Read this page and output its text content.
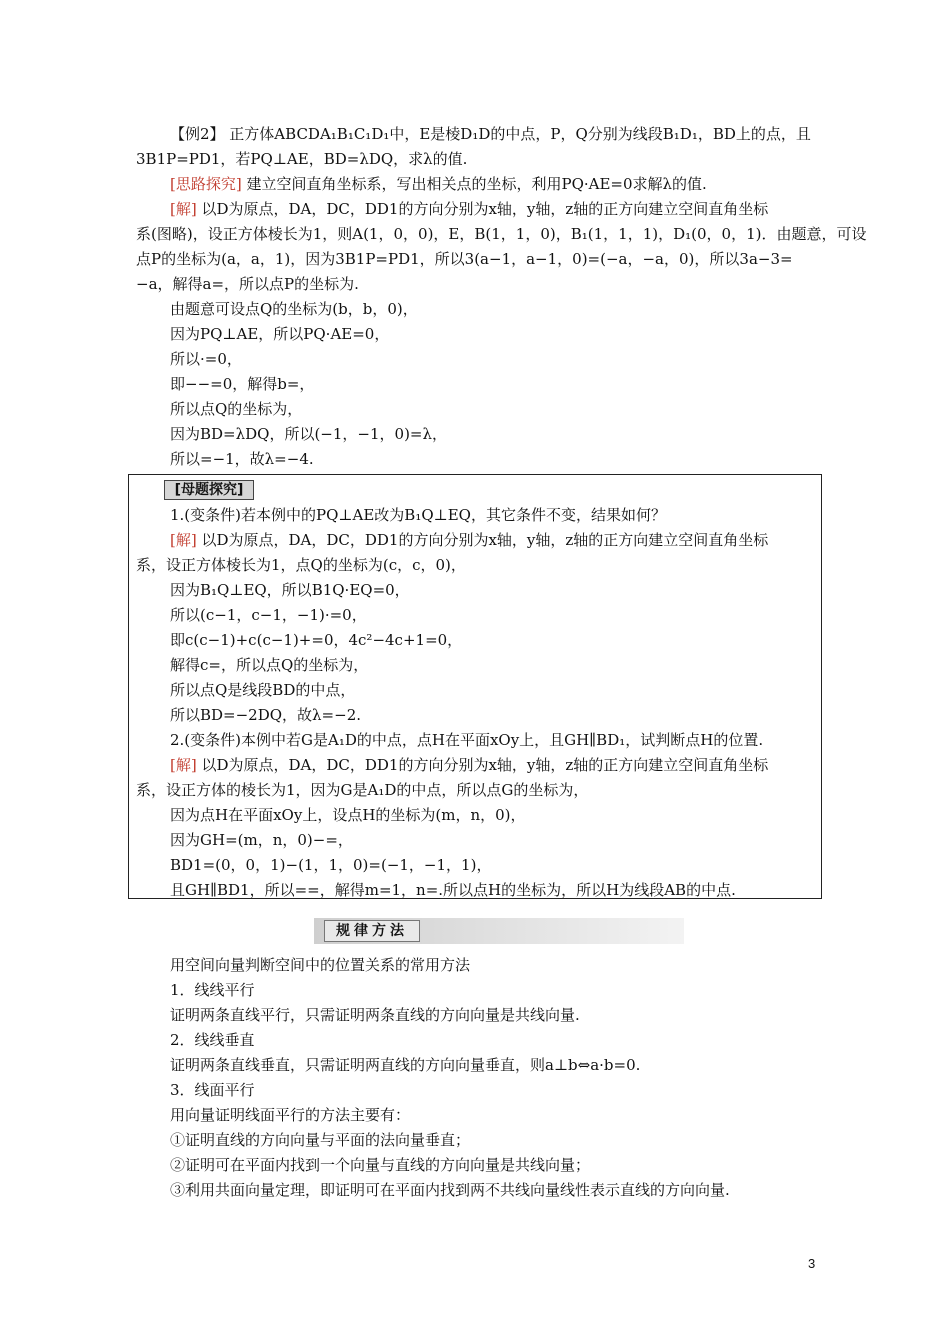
【例2】 正方体ABCDA₁B₁C₁D₁中，E是棱D₁D的中点，P，Q分别为线段B₁D₁，BD上的点，且
3B1P=PD1，若PQ⊥AE，BD=λDQ，求λ的值.
[思路探究] 建立空间直角坐标系，写出相关点的坐标，利用PQ·AE=0求解λ的值.
[解] 以D为原点，DA，DC，DD1的方向分别为x轴，y轴，z轴的正方向建立空间直角坐标
系(图略)，设正方体棱长为1，则A(1，0，0)，E，B(1，1，0)，B₁(1，1，1)，D₁(0，0，1)．由题意，可设
点P的坐标为(a，a，1)，因为3B1P=PD1，所以3(a−1，a−1，0)=(−a，−a，0)，所以3a−3=
−a，解得a=，所以点P的坐标为.
由题意可设点Q的坐标为(b，b，0)，
因为PQ⊥AE，所以PQ·AE=0，
所以·=0，
即−−=0，解得b=，
所以点Q的坐标为，
因为BD=λDQ，所以(−1，−1，0)=λ，
所以=−1，故λ=−4.
[母题探究]
1.(变条件)若本例中的PQ⊥AE改为B₁Q⊥EQ，其它条件不变，结果如何？
[解] 以D为原点，DA，DC，DD1的方向分别为x轴，y轴，z轴的正方向建立空间直角坐标
系，设正方体棱长为1，点Q的坐标为(c，c，0)，
因为B₁Q⊥EQ，所以B1Q·EQ=0，
所以(c−1，c−1，−1)·=0，
即c(c−1)+c(c−1)+=0，4c²−4c+1=0，
解得c=，所以点Q的坐标为，
所以点Q是线段BD的中点，
所以BD=−2DQ，故λ=−2.
2.(变条件)本例中若G是A₁D的中点，点H在平面xOy上，且GH∥BD₁，试判断点H的位置.
[解] 以D为原点，DA，DC，DD1的方向分别为x轴，y轴，z轴的正方向建立空间直角坐标
系，设正方体的棱长为1，因为G是A₁D的中点，所以点G的坐标为，
因为点H在平面xOy上，设点H的坐标为(m，n，0)，
因为GH=(m，n，0)−=，
BD1=(0，0，1)−(1，1，0)=(−1，−1，1)，
且GH∥BD1，所以==，解得m=1，n=.所以点H的坐标为，所以H为线段AB的中点.
规律方法
用空间向量判断空间中的位置关系的常用方法
1．线线平行
证明两条直线平行，只需证明两条直线的方向向量是共线向量.
2．线线垂直
证明两条直线垂直，只需证明两直线的方向向量垂直，则a⊥b⇔a·b=0.
3．线面平行
用向量证明线面平行的方法主要有：
①证明直线的方向向量与平面的法向量垂直；
②证明可在平面内找到一个向量与直线的方向向量是共线向量；
③利用共面向量定理，即证明可在平面内找到两不共线向量线性表示直线的方向向量.
3
